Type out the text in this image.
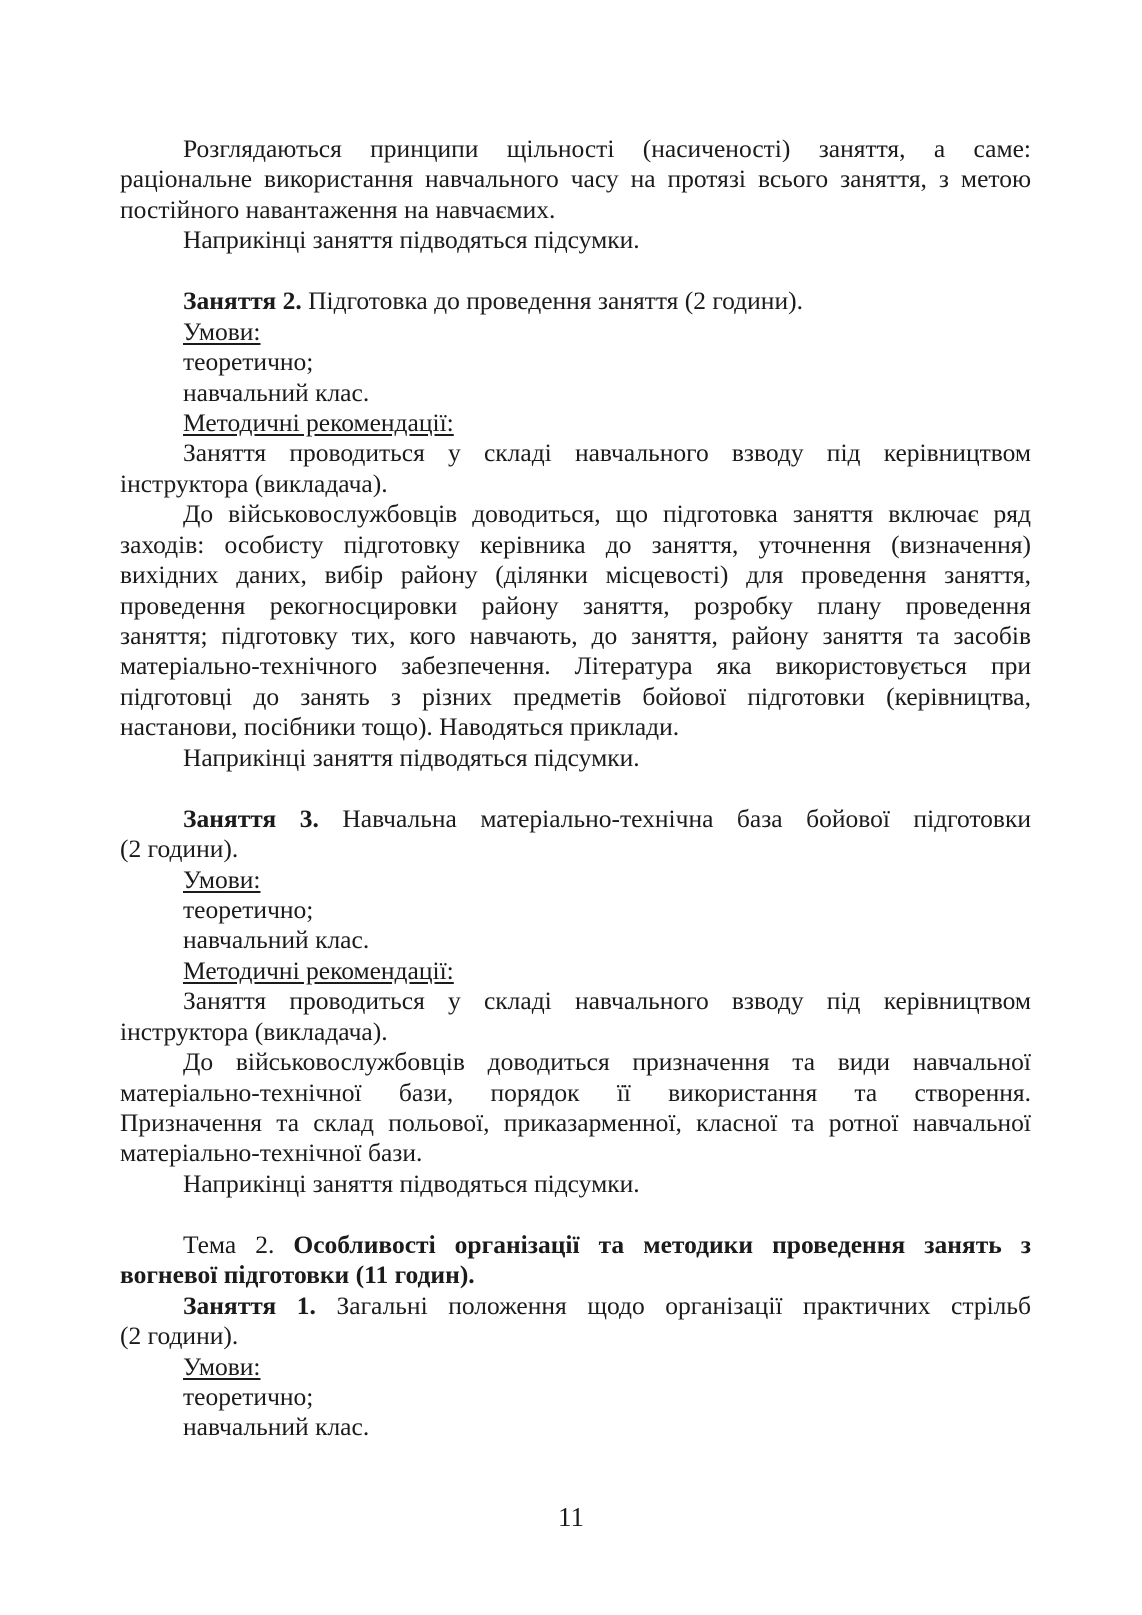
Розглядаються принципи щільності (насиченості) заняття, а саме:
раціональне використання навчального часу на протязі всього заняття, з метою
постійного навантаження на навчаємих.
Наприкінці заняття підводяться підсумки.
Заняття 2. Підготовка до проведення заняття (2 години).
Умови:
теоретично;
навчальний клас.
Методичні рекомендації:
Заняття проводиться у складі навчального взводу під керівництвом
інструктора (викладача).
До військовослужбовців доводиться, що підготовка заняття включає ряд
заходів: особисту підготовку керівника до заняття, уточнення (визначення)
вихідних даних, вибір району (ділянки місцевості) для проведення заняття,
проведення рекогносцировки району заняття, розробку плану проведення
заняття; підготовку тих, кого навчають, до заняття, району заняття та засобів
матеріально-технічного забезпечення. Література яка використовується при
підготовці до занять з різних предметів бойової підготовки (керівництва,
настанови, посібники тощо). Наводяться приклади.
Наприкінці заняття підводяться підсумки.
Заняття 3. Навчальна матеріально-технічна база бойової підготовки
(2 години).
Умови:
теоретично;
навчальний клас.
Методичні рекомендації:
Заняття проводиться у складі навчального взводу під керівництвом
інструктора (викладача).
До військовослужбовців доводиться призначення та види навчальної
матеріально-технічної бази, порядок її використання та створення.
Призначення та склад польової, приказарменної, класної та ротної навчальної
матеріально-технічної бази.
Наприкінці заняття підводяться підсумки.
Тема 2. Особливості організації та методики проведення занять з
вогневої підготовки (11 годин).
Заняття 1. Загальні положення щодо організації практичних стрільб
(2 години).
Умови:
теоретично;
навчальний клас.
11
